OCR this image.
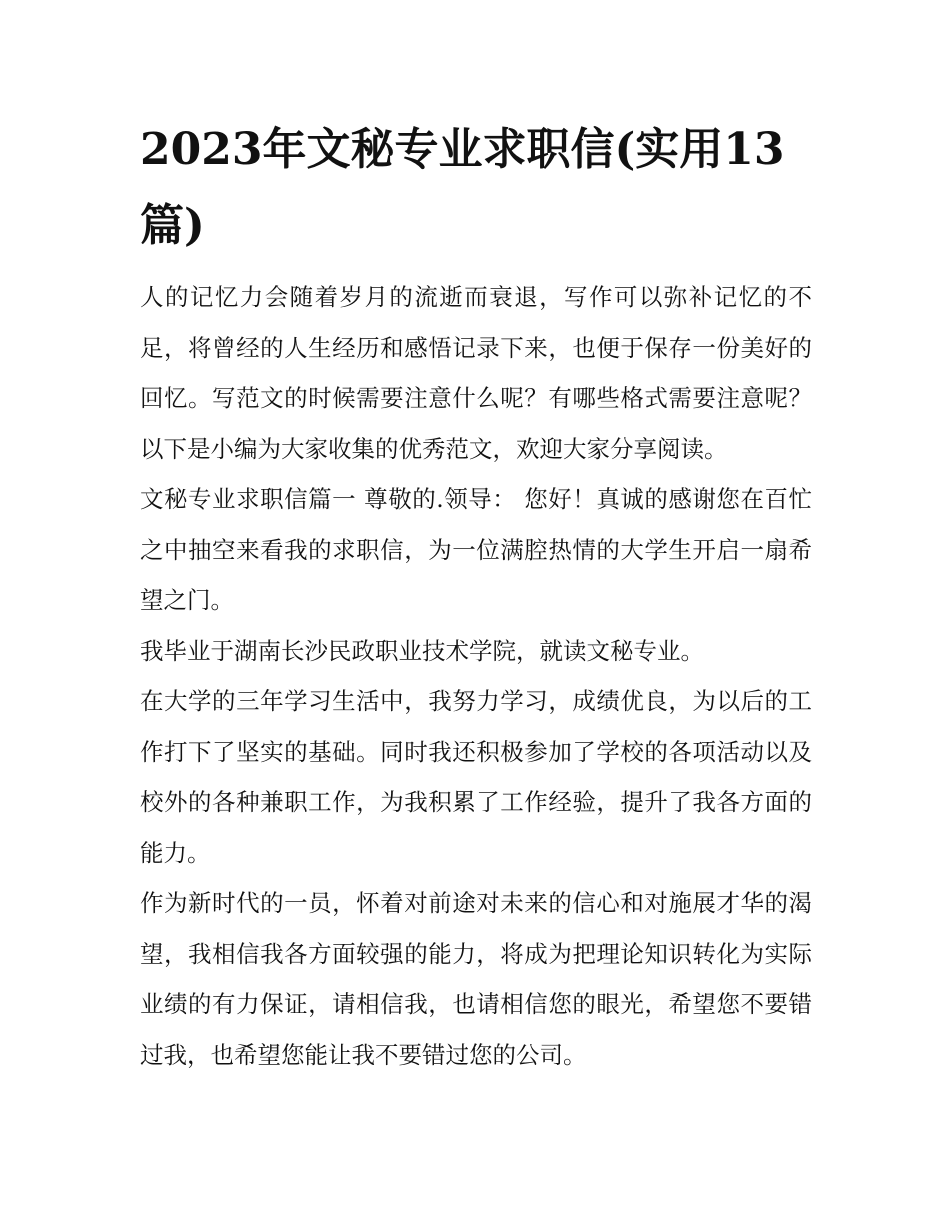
2023年文秘专业求职信(实用13篇)

人的记忆力会随着岁月的流逝而衰退，写作可以弥补记忆的不足，将曾经的人生经历和感悟记录下来，也便于保存一份美好的回忆。写范文的时候需要注意什么呢？有哪些格式需要注意呢？以下是小编为大家收集的优秀范文，欢迎大家分享阅读。

文秘专业求职信篇一 尊敬的.领导： 您好！真诚的感谢您在百忙之中抽空来看我的求职信，为一位满腔热情的大学生开启一扇希望之门。

我毕业于湖南长沙民政职业技术学院，就读文秘专业。

在大学的三年学习生活中，我努力学习，成绩优良，为以后的工作打下了坚实的基础。同时我还积极参加了学校的各项活动以及校外的各种兼职工作，为我积累了工作经验，提升了我各方面的能力。

作为新时代的一员，怀着对前途对未来的信心和对施展才华的渴望，我相信我各方面较强的能力，将成为把理论知识转化为实际业绩的有力保证，请相信我，也请相信您的眼光，希望您不要错过我，也希望您能让我不要错过您的公司。
